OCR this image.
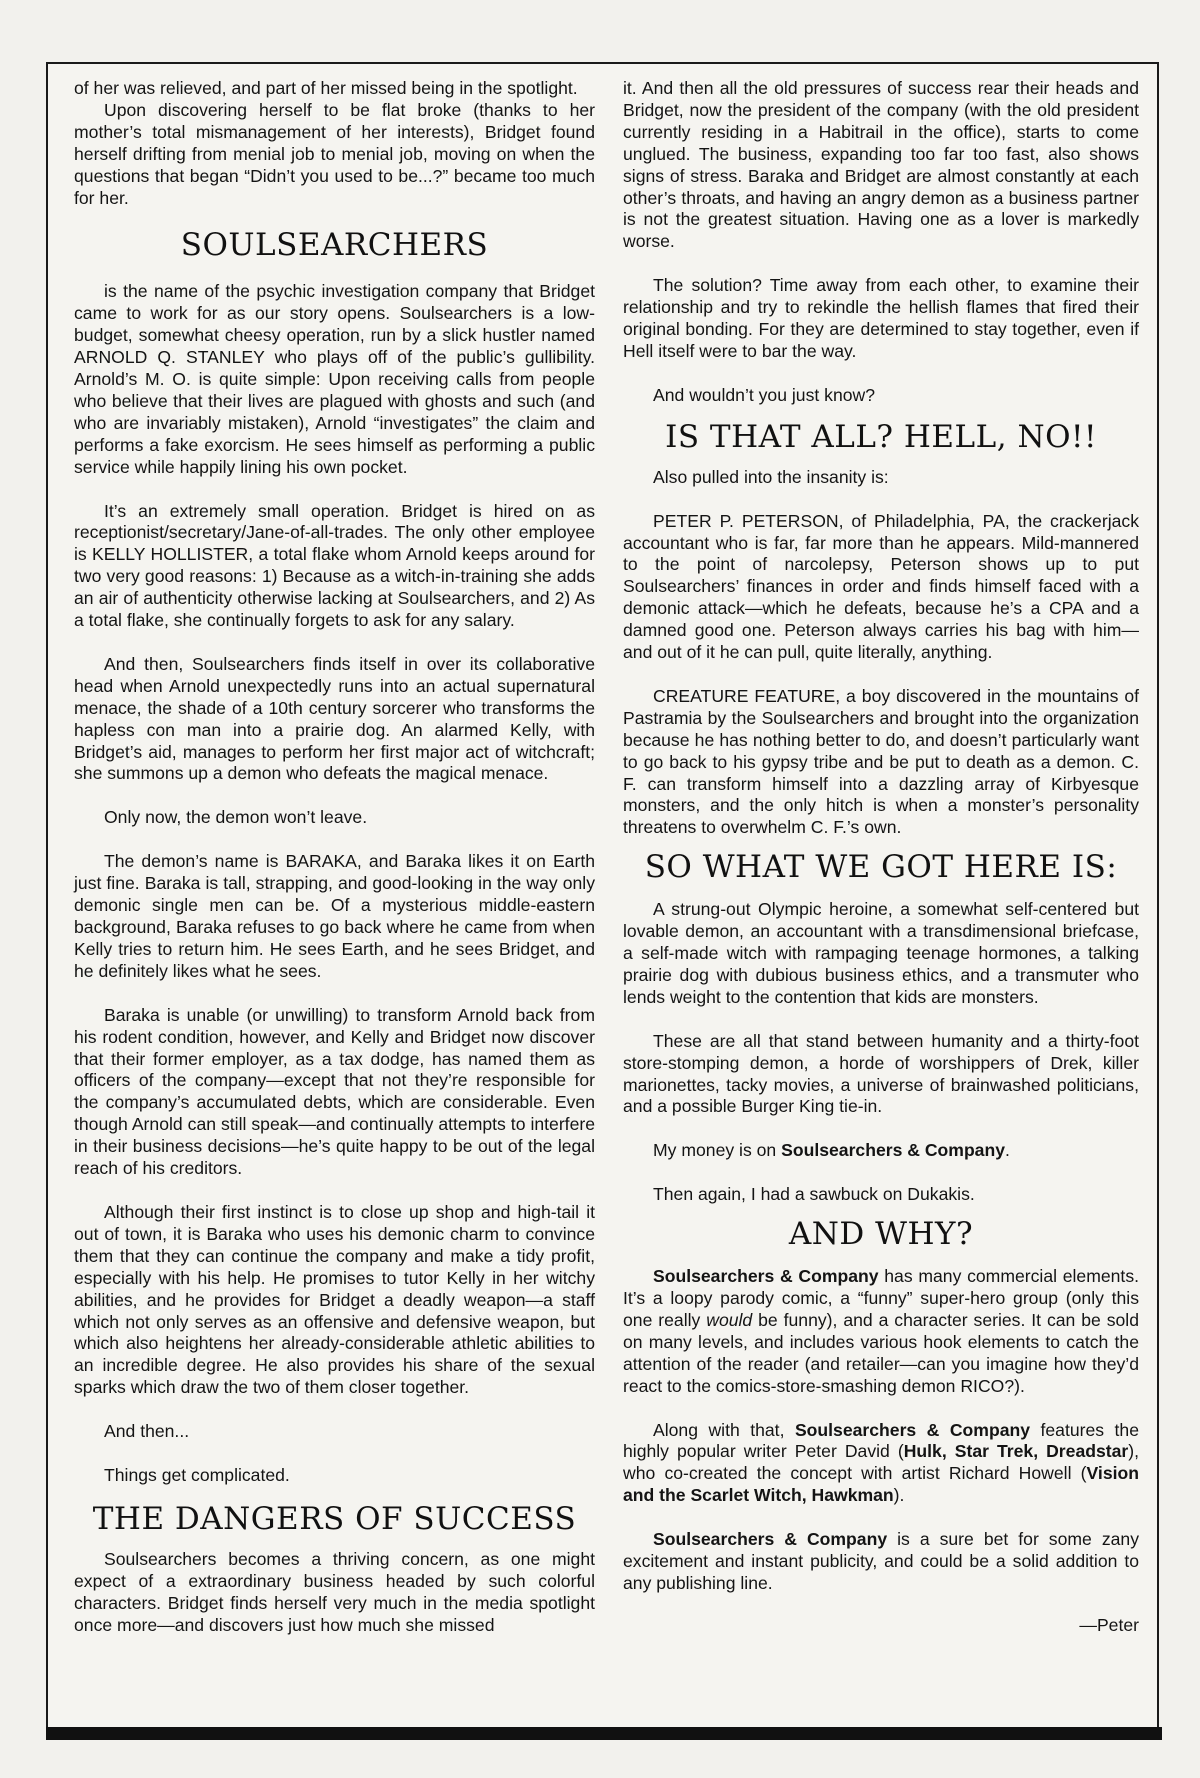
of her was relieved, and part of her missed being in the spotlight.

Upon discovering herself to be flat broke (thanks to her mother’s total mismanagement of her interests), Bridget found herself drifting from menial job to menial job, moving on when the questions that began “Didn’t you used to be...?” became too much for her.

SOULSEARCHERS

is the name of the psychic investigation company that Bridget came to work for as our story opens. Soulsearchers is a low-budget, somewhat cheesy operation, run by a slick hustler named ARNOLD Q. STANLEY who plays off of the public’s gullibility. Arnold’s M. O. is quite simple: Upon receiving calls from people who believe that their lives are plagued with ghosts and such (and who are invariably mistaken), Arnold “investigates” the claim and performs a fake exorcism. He sees himself as performing a public service while happily lining his own pocket.

It’s an extremely small operation. Bridget is hired on as receptionist/secretary/Jane-of-all-trades. The only other employee is KELLY HOLLISTER, a total flake whom Arnold keeps around for two very good reasons: 1) Because as a witch-in-training she adds an air of authenticity otherwise lacking at Soulsearchers, and 2) As a total flake, she continually forgets to ask for any salary.

And then, Soulsearchers finds itself in over its collaborative head when Arnold unexpectedly runs into an actual supernatural menace, the shade of a 10th century sorcerer who transforms the hapless con man into a prairie dog. An alarmed Kelly, with Bridget’s aid, manages to perform her first major act of witchcraft; she summons up a demon who defeats the magical menace.

Only now, the demon won’t leave.

The demon’s name is BARAKA, and Baraka likes it on Earth just fine. Baraka is tall, strapping, and good-looking in the way only demonic single men can be. Of a mysterious middle-eastern background, Baraka refuses to go back where he came from when Kelly tries to return him. He sees Earth, and he sees Bridget, and he definitely likes what he sees.

Baraka is unable (or unwilling) to transform Arnold back from his rodent condition, however, and Kelly and Bridget now discover that their former employer, as a tax dodge, has named them as officers of the company—except that not they’re responsible for the company’s accumulated debts, which are considerable. Even though Arnold can still speak—and continually attempts to interfere in their business decisions—he’s quite happy to be out of the legal reach of his creditors.

Although their first instinct is to close up shop and high-tail it out of town, it is Baraka who uses his demonic charm to convince them that they can continue the company and make a tidy profit, especially with his help. He promises to tutor Kelly in her witchy abilities, and he provides for Bridget a deadly weapon—a staff which not only serves as an offensive and defensive weapon, but which also heightens her already-considerable athletic abilities to an incredible degree. He also provides his share of the sexual sparks which draw the two of them closer together.

And then...

Things get complicated.

THE DANGERS OF SUCCESS

Soulsearchers becomes a thriving concern, as one might expect of a extraordinary business headed by such colorful characters. Bridget finds herself very much in the media spotlight once more—and discovers just how much she missed

it. And then all the old pressures of success rear their heads and Bridget, now the president of the company (with the old president currently residing in a Habitrail in the office), starts to come unglued. The business, expanding too far too fast, also shows signs of stress. Baraka and Bridget are almost constantly at each other’s throats, and having an angry demon as a business partner is not the greatest situation. Having one as a lover is markedly worse.

The solution? Time away from each other, to examine their relationship and try to rekindle the hellish flames that fired their original bonding. For they are determined to stay together, even if Hell itself were to bar the way.

And wouldn’t you just know?

IS THAT ALL? HELL, NO!!

Also pulled into the insanity is:

PETER P. PETERSON, of Philadelphia, PA, the crackerjack accountant who is far, far more than he appears. Mild-mannered to the point of narcolepsy, Peterson shows up to put Soulsearchers’ finances in order and finds himself faced with a demonic attack—which he defeats, because he’s a CPA and a damned good one. Peterson always carries his bag with him—and out of it he can pull, quite literally, anything.

CREATURE FEATURE, a boy discovered in the mountains of Pastramia by the Soulsearchers and brought into the organization because he has nothing better to do, and doesn’t particularly want to go back to his gypsy tribe and be put to death as a demon. C. F. can transform himself into a dazzling array of Kirbyesque monsters, and the only hitch is when a monster’s personality threatens to overwhelm C. F.’s own.

SO WHAT WE GOT HERE IS:

A strung-out Olympic heroine, a somewhat self-centered but lovable demon, an accountant with a transdimensional briefcase, a self-made witch with rampaging teenage hormones, a talking prairie dog with dubious business ethics, and a transmuter who lends weight to the contention that kids are monsters.

These are all that stand between humanity and a thirty-foot store-stomping demon, a horde of worshippers of Drek, killer marionettes, tacky movies, a universe of brainwashed politicians, and a possible Burger King tie-in.

My money is on Soulsearchers & Company.

Then again, I had a sawbuck on Dukakis.

AND WHY?

Soulsearchers & Company has many commercial elements. It’s a loopy parody comic, a “funny” super-hero group (only this one really would be funny), and a character series. It can be sold on many levels, and includes various hook elements to catch the attention of the reader (and retailer—can you imagine how they’d react to the comics-store-smashing demon RICO?).

Along with that, Soulsearchers & Company features the highly popular writer Peter David (Hulk, Star Trek, Dreadstar), who co-created the concept with artist Richard Howell (Vision and the Scarlet Witch, Hawkman).

Soulsearchers & Company is a sure bet for some zany excitement and instant publicity, and could be a solid addition to any publishing line.

—Peter
